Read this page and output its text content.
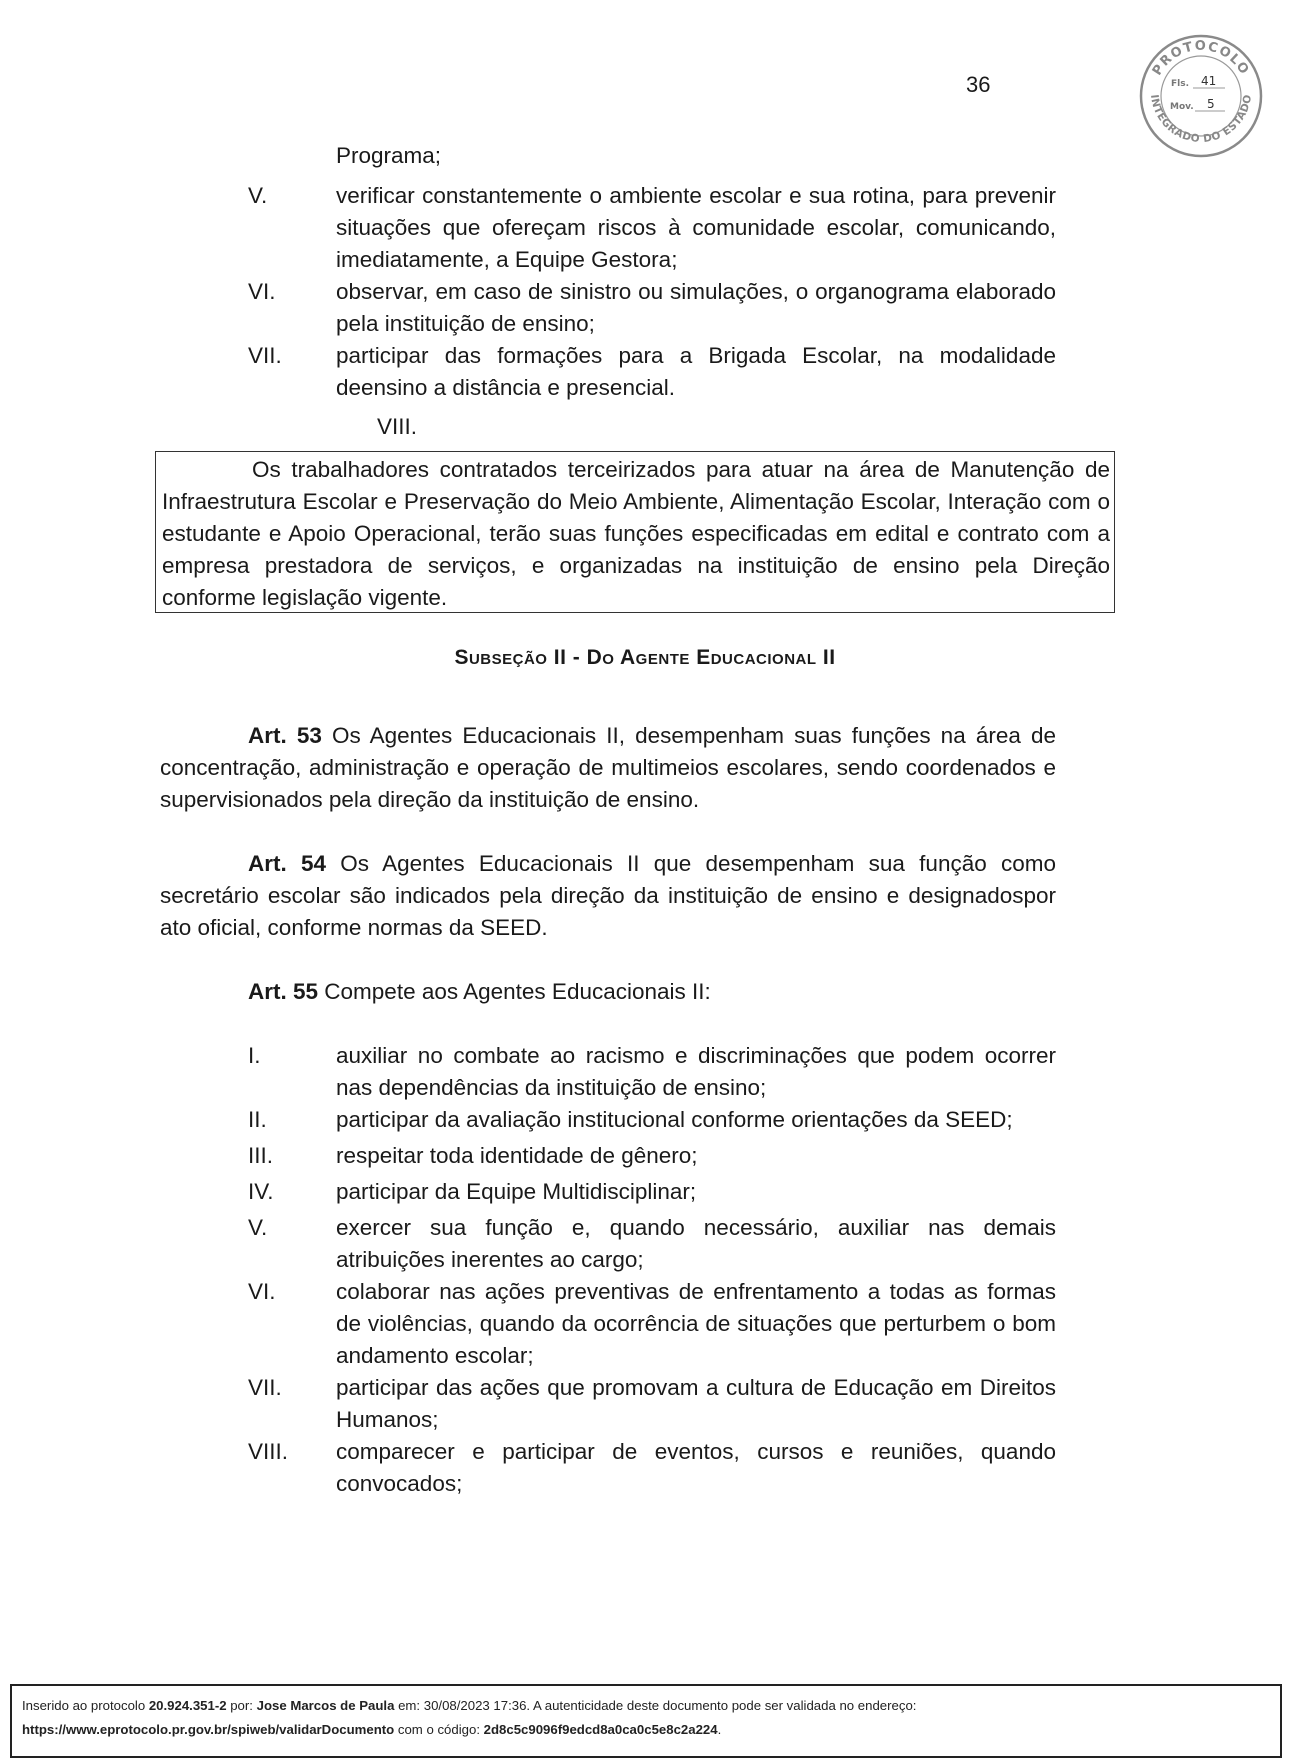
36
PROTOCOLO
INTEGRADO DO ESTADO
Fls. 41
Mov. 5
Programa;
V.	verificar constantemente o ambiente escolar e sua rotina, para prevenir situações que ofereçam riscos à comunidade escolar, comunicando, imediatamente, a Equipe Gestora;
VI.	observar, em caso de sinistro ou simulações, o organograma elaborado pela instituição de ensino;
VII. participar das formações para a Brigada Escolar, na modalidade deensino a distância e presencial.
VIII.

Os trabalhadores contratados terceirizados para atuar na área de Manutenção de Infraestrutura Escolar e Preservação do Meio Ambiente, Alimentação Escolar, Interação com o estudante e Apoio Operacional, terão suas funções especificadas em edital e contrato com a empresa prestadora de serviços, e organizadas na instituição de ensino pela Direção conforme legislação vigente.

Subseção II - Do Agente Educacional II

Art. 53 Os Agentes Educacionais II, desempenham suas funções na área de concentração, administração e operação de multimeios escolares, sendo coordenados e supervisionados pela direção da instituição de ensino.

Art. 54 Os Agentes Educacionais II que desempenham sua função como secretário escolar são indicados pela direção da instituição de ensino e designadospor ato oficial, conforme normas da SEED.

Art. 55 Compete aos Agentes Educacionais II:

I.	auxiliar no combate ao racismo e discriminações que podem ocorrer nas dependências da instituição de ensino;
II.	participar da avaliação institucional conforme orientações da SEED;
III.	respeitar toda identidade de gênero;
IV.	participar da Equipe Multidisciplinar;
V.	exercer sua função e, quando necessário, auxiliar nas demais atribuições inerentes ao cargo;
VI.	colaborar nas ações preventivas de enfrentamento a todas as formas de violências, quando da ocorrência de situações que perturbem o bom andamento escolar;
VII. participar das ações que promovam a cultura de Educação em Direitos Humanos;
VIII. comparecer e participar de eventos, cursos e reuniões, quando convocados;
Inserido ao protocolo 20.924.351-2 por: Jose Marcos de Paula em: 30/08/2023 17:36. A autenticidade deste documento pode ser validada no endereço:
https://www.eprotocolo.pr.gov.br/spiweb/validarDocumento com o código: 2d8c5c9096f9edcd8a0ca0c5e8c2a224.
